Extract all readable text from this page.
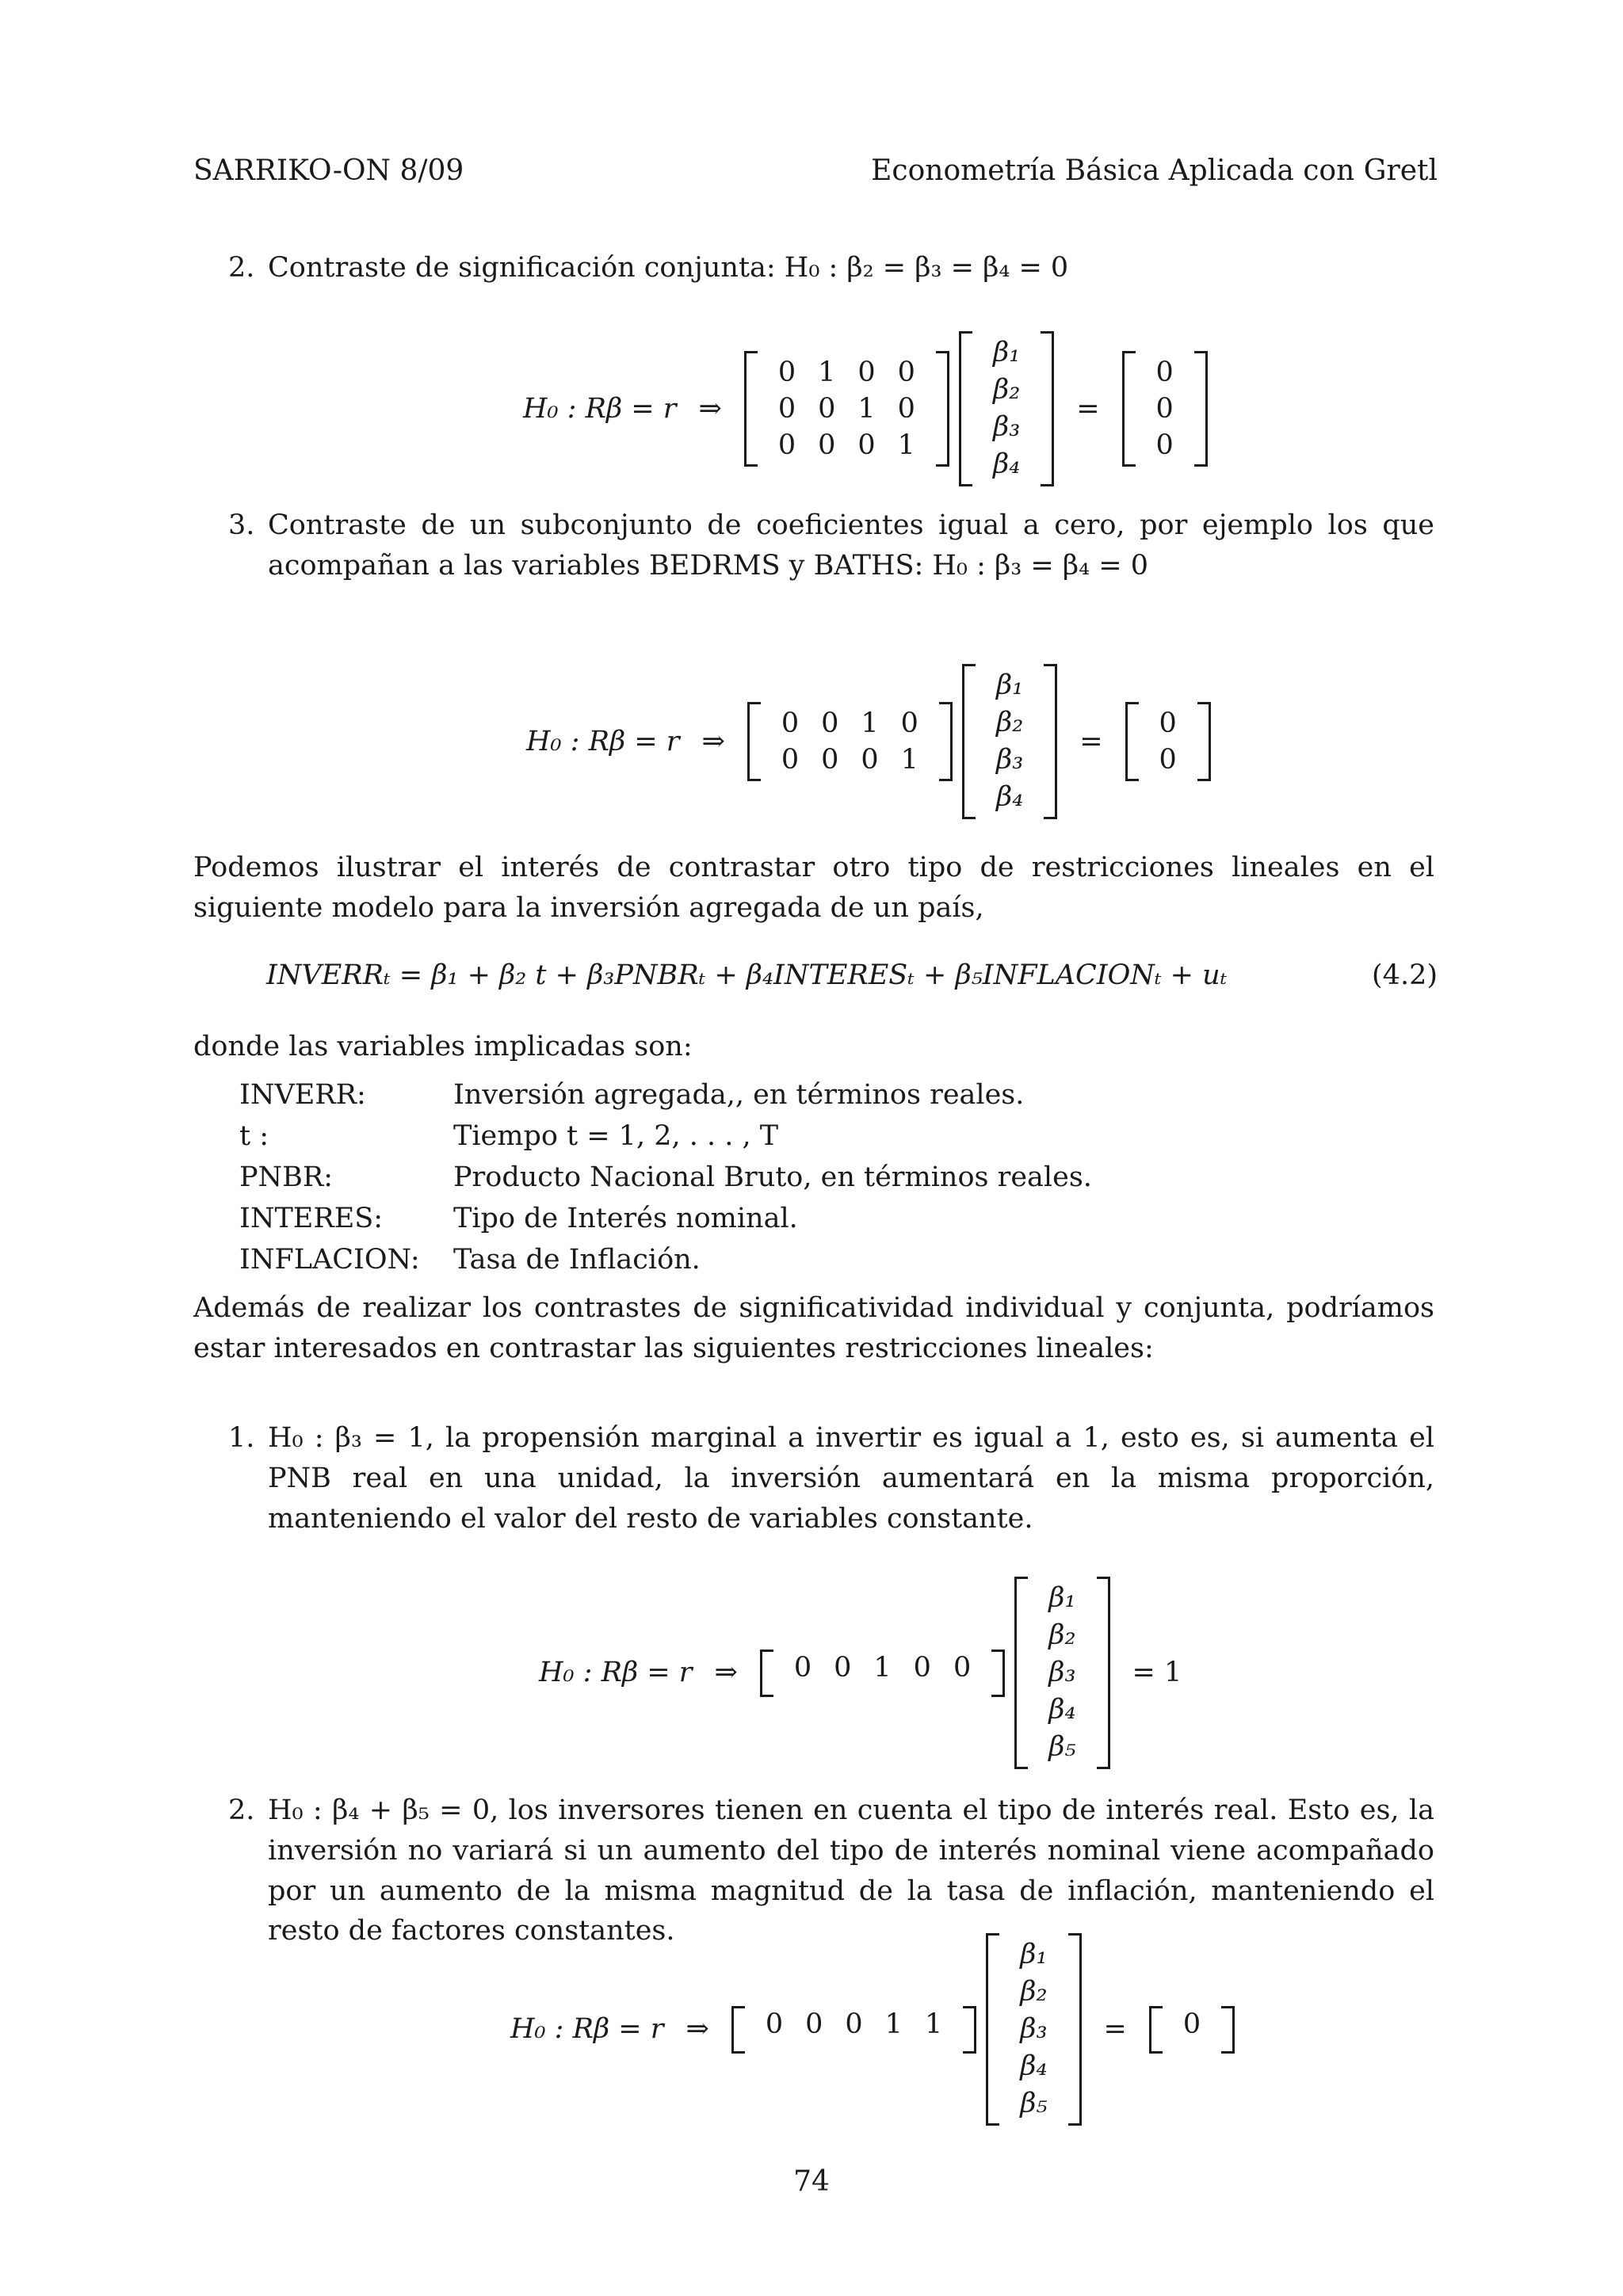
SARRIKO-ON 8/09	Econometría Básica Aplicada con Gretl
2. Contraste de significación conjunta: H₀ : β₂ = β₃ = β₄ = 0
H₀ : Rβ = r ⇒
0 1 0 0
0 0 1 0
0 0 0 1
β₁
β₂
β₃
β₄
=
0
0
0
3. Contraste de un subconjunto de coeficientes igual a cero, por ejemplo los que acompañan a las variables BEDRMS y BATHS: H₀ : β₃ = β₄ = 0
H₀ : Rβ = r ⇒
0 0 1 0
0 0 0 1
β₁
β₂
β₃
β₄
=
0
0
Podemos ilustrar el interés de contrastar otro tipo de restricciones lineales en el siguiente modelo para la inversión agregada de un país,
INVERRₜ = β₁ + β₂ t + β₃PNBRₜ + β₄INTERESₜ + β₅INFLACIONₜ + uₜ	(4.2)
donde las variables implicadas son:
INVERR:	Inversión agregada,, en términos reales.
t :	Tiempo t = 1, 2, . . . , T
PNBR:	Producto Nacional Bruto, en términos reales.
INTERES:	Tipo de Interés nominal.
INFLACION:	Tasa de Inflación.
Además de realizar los contrastes de significatividad individual y conjunta, podríamos estar interesados en contrastar las siguientes restricciones lineales:
1. H₀ : β₃ = 1, la propensión marginal a invertir es igual a 1, esto es, si aumenta el PNB real en una unidad, la inversión aumentará en la misma proporción, manteniendo el valor del resto de variables constante.
H₀ : Rβ = r ⇒	0 0 1 0 0
β₁
β₂
β₃
β₄
β₅
= 1
2. H₀ : β₄ + β₅ = 0, los inversores tienen en cuenta el tipo de interés real. Esto es, la inversión no variará si un aumento del tipo de interés nominal viene acompañado por un aumento de la misma magnitud de la tasa de inflación, manteniendo el resto de factores constantes.
H₀ : Rβ = r ⇒	0 0 0 1 1
β₁
β₂
β₃
β₄
β₅
=	0
74
